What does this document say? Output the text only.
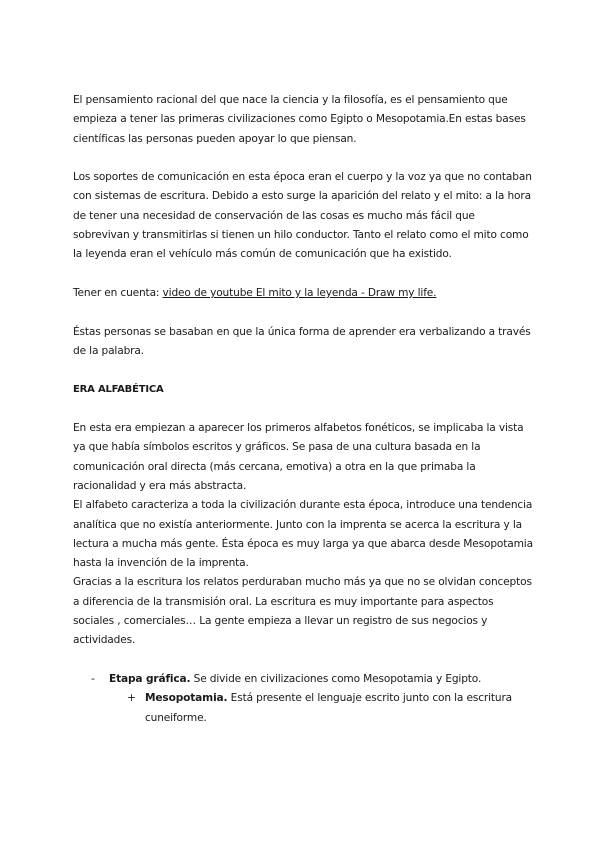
El pensamiento racional del que nace la ciencia y la filosofía, es el pensamiento que empieza a tener las primeras civilizaciones como Egipto o Mesopotamia.En estas bases científicas las personas pueden apoyar lo que piensan.

Los soportes de comunicación en esta época eran el cuerpo y la voz ya que no contaban con sistemas de escritura. Debido a esto surge la aparición del relato y el mito: a la hora de tener una necesidad de conservación de las cosas es mucho más fácil que sobrevivan y transmitirlas si tienen un hilo conductor. Tanto el relato como el mito como la leyenda eran el vehículo más común de comunicación que ha existido.

Tener en cuenta: video de youtube El mito y la leyenda - Draw my life.

Éstas personas se basaban en que la única forma de aprender era verbalizando a través de la palabra.

ERA ALFABÉTICA

En esta era empiezan a aparecer los primeros alfabetos fonéticos, se implicaba la vista ya que había símbolos escritos y gráficos. Se pasa de una cultura basada en la comunicación oral directa (más cercana, emotiva) a otra en la que primaba la racionalidad y era más abstracta.

El alfabeto caracteriza a toda la civilización durante esta época, introduce una tendencia analítica que no existía anteriormente. Junto con la imprenta se acerca la escritura y la lectura a mucha más gente. Ésta época es muy larga ya que abarca desde Mesopotamia hasta la invención de la imprenta.

Gracias a la escritura los relatos perduraban mucho más ya que no se olvidan conceptos a diferencia de la transmisión oral. La escritura es muy importante para aspectos sociales , comerciales… La gente empieza a llevar un registro de sus negocios y actividades.

- Etapa gráfica. Se divide en civilizaciones como Mesopotamia y Egipto.
+ Mesopotamia. Está presente el lenguaje escrito junto con la escritura cuneiforme.
